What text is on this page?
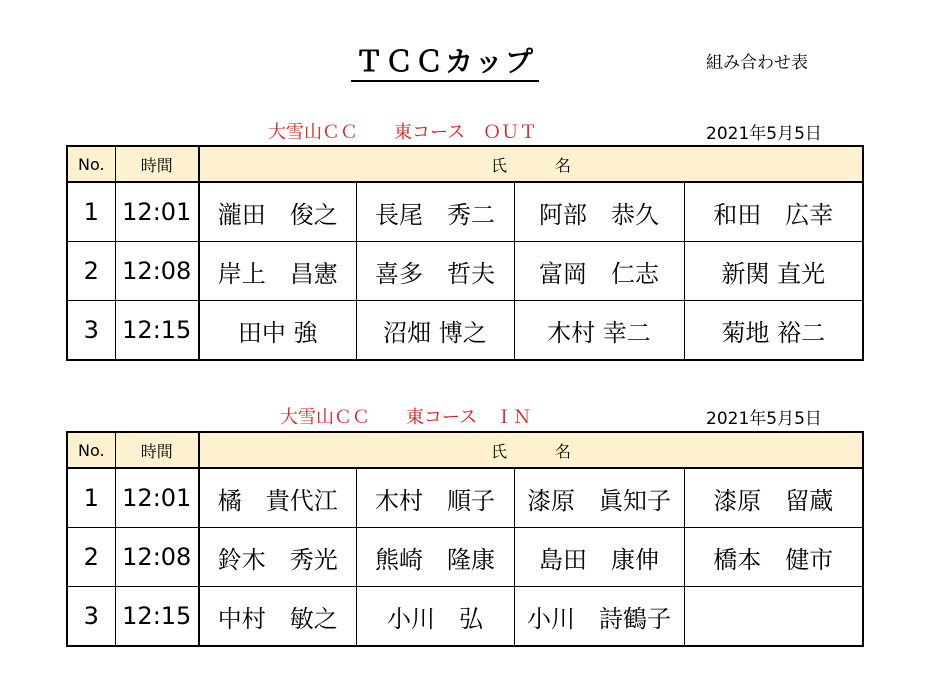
ＴＣＣカップ	組み合わせ表
大雪山ＣＣ　　東コース　ＯＵＴ	2021年5月5日
No.	時間	氏　　　名			
1	12:01	瀧田　俊之	長尾　秀二	阿部　恭久	和田　広幸
2	12:08	岸上　昌憲	喜多　哲夫	富岡　仁志	新関 直光
3	12:15	田中 強	沼畑 博之	木村 幸二	菊地 裕二
大雪山ＣＣ　　東コース　ＩＮ	2021年5月5日
No.	時間	氏　　　名			
1	12:01	橘　貴代江	木村　順子	漆原　眞知子	漆原　留蔵
2	12:08	鈴木　秀光	熊崎　隆康	島田　康伸	橋本　健市
3	12:15	中村　敏之	小川　弘	小川　詩鶴子	
